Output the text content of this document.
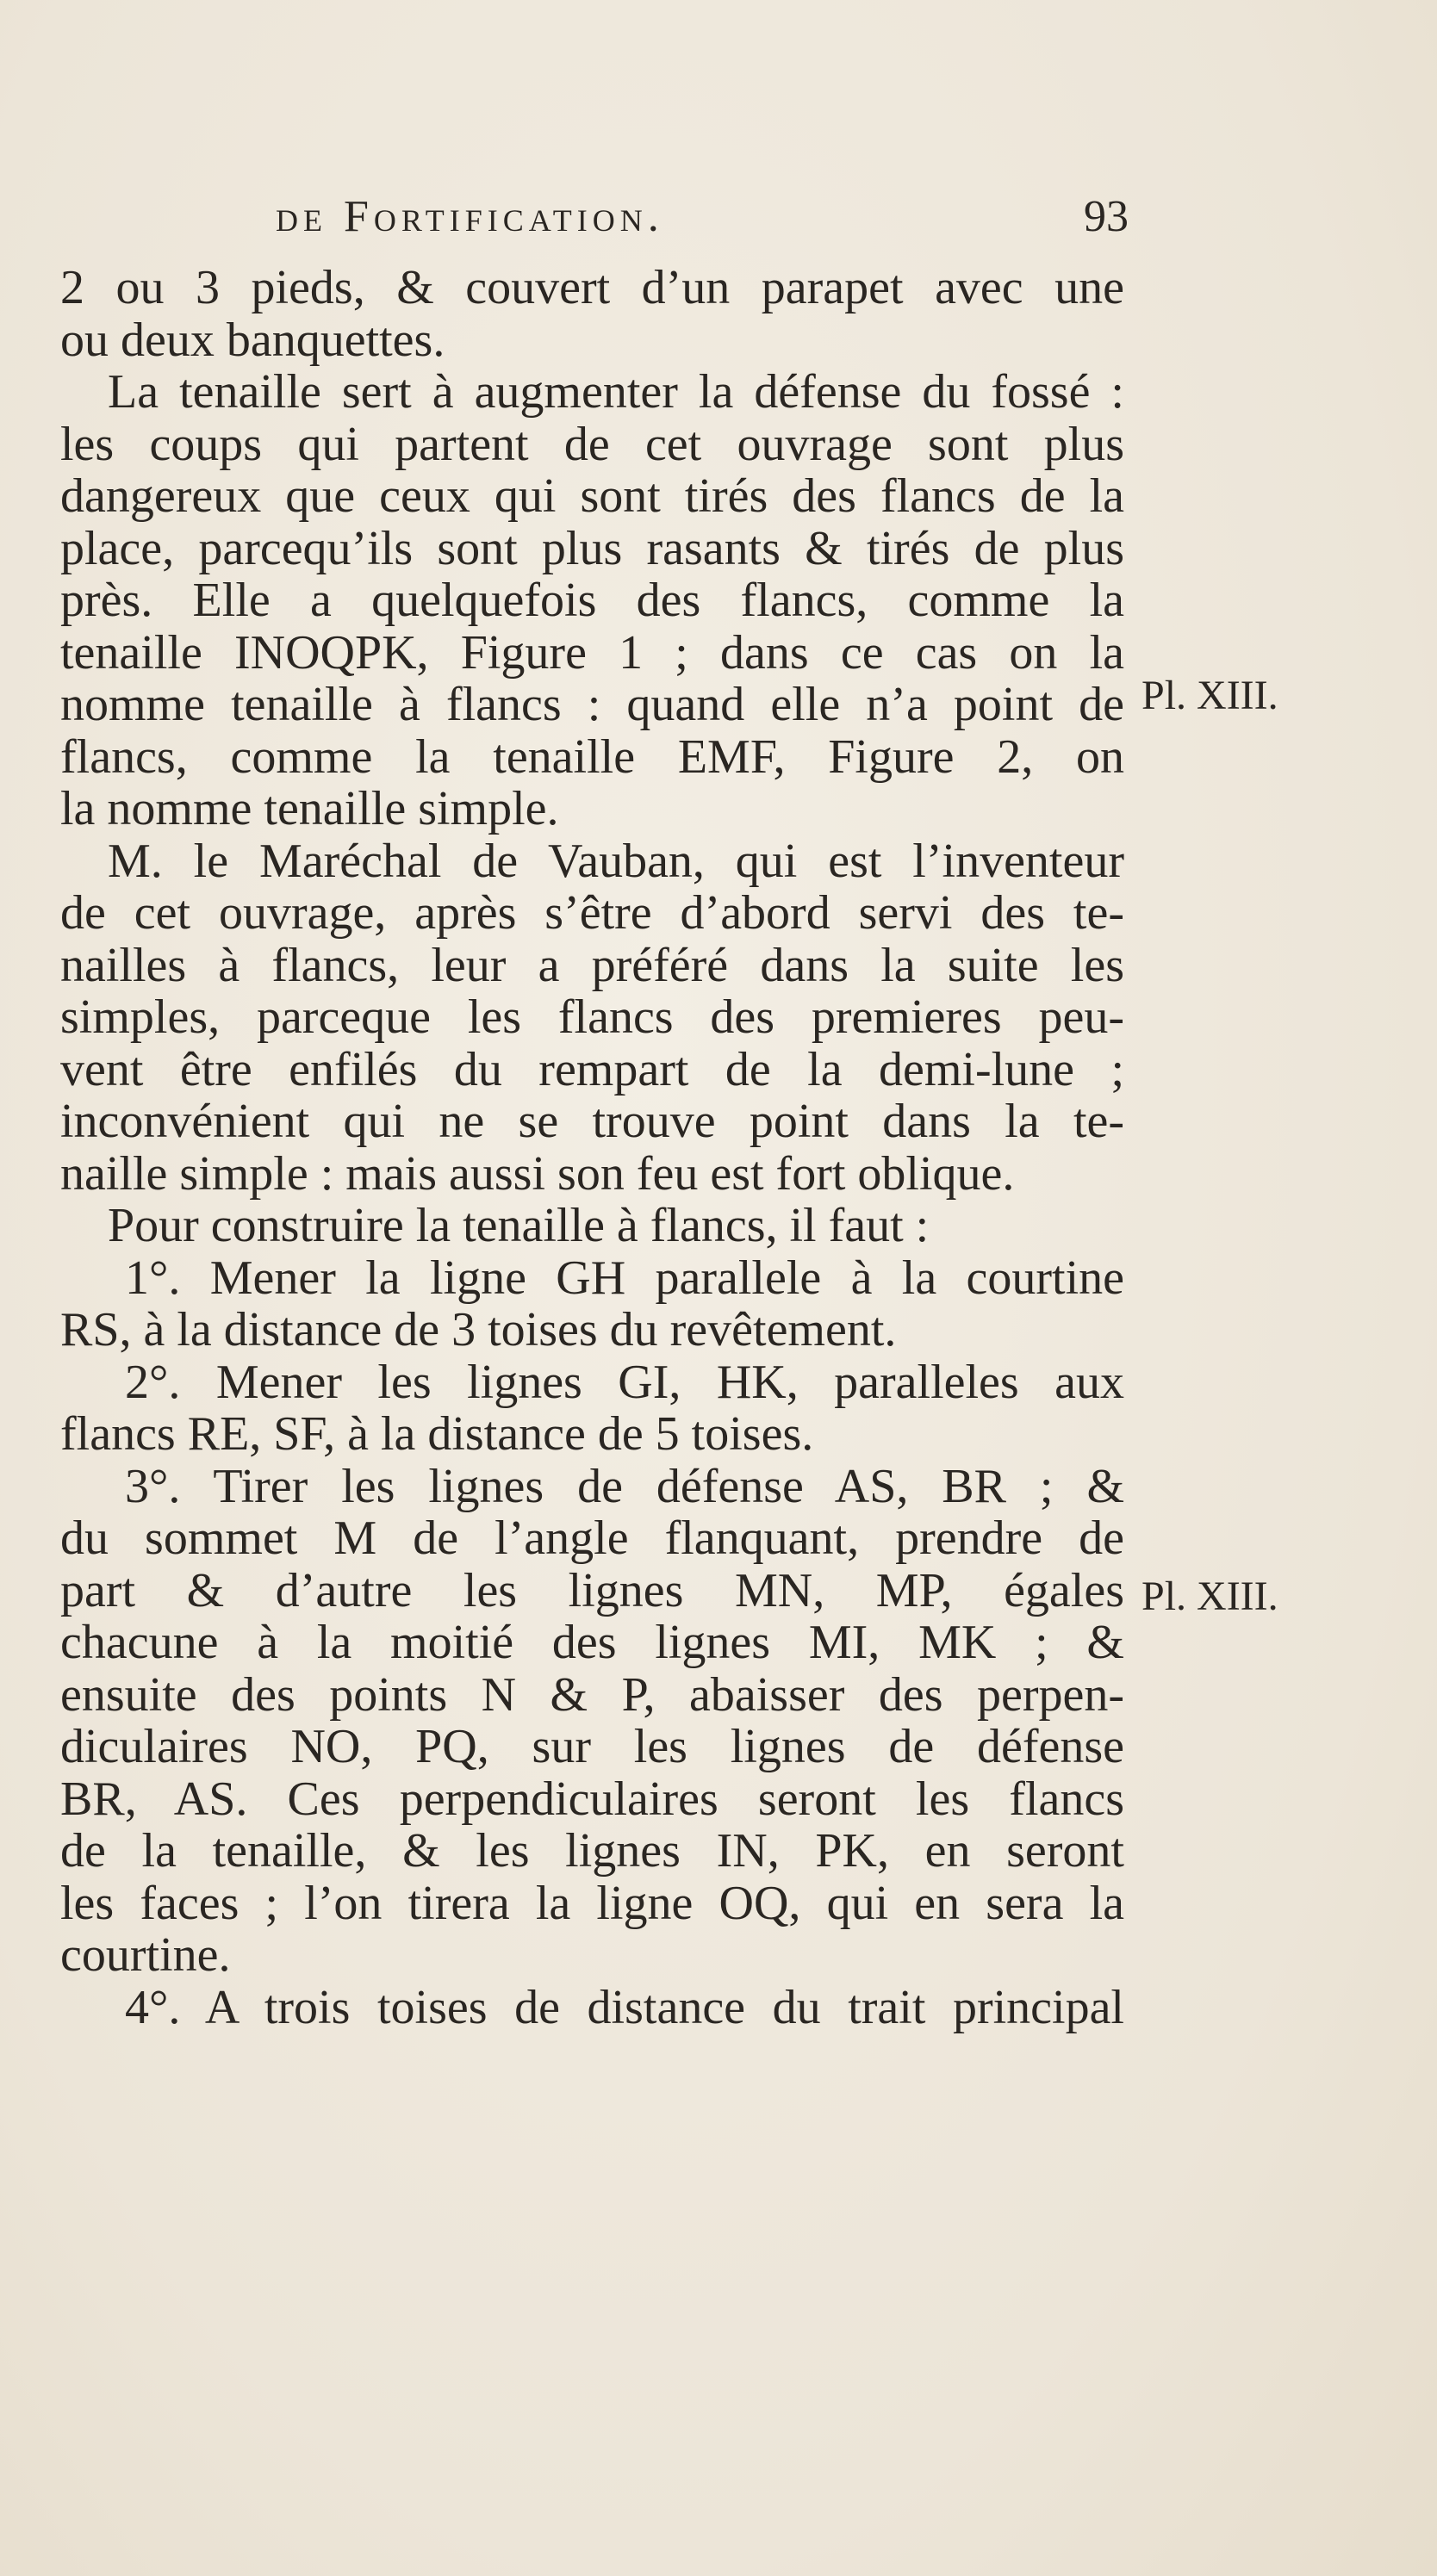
de Fortification.	93
Pl. XIII.
Pl. XIII.
2 ou 3 pieds, & couvert d’un parapet avec une
ou deux banquettes.
La tenaille sert à augmenter la défense du fossé :
les coups qui partent de cet ouvrage sont plus
dangereux que ceux qui sont tirés des flancs de la
place, parcequ’ils sont plus rasants & tirés de plus
près. Elle a quelquefois des flancs, comme la
tenaille INOQPK, Figure 1 ; dans ce cas on la
nomme tenaille à flancs : quand elle n’a point de
flancs, comme la tenaille EMF, Figure 2, on
la nomme tenaille simple.
M. le Maréchal de Vauban, qui est l’inventeur
de cet ouvrage, après s’être d’abord servi des te-
nailles à flancs, leur a préféré dans la suite les
simples, parceque les flancs des premieres peu-
vent être enfilés du rempart de la demi-lune ;
inconvénient qui ne se trouve point dans la te-
naille simple : mais aussi son feu est fort oblique.
Pour construire la tenaille à flancs, il faut :
1°. Mener la ligne GH parallele à la courtine
RS, à la distance de 3 toises du revêtement.
2°. Mener les lignes GI, HK, paralleles aux
flancs RE, SF, à la distance de 5 toises.
3°. Tirer les lignes de défense AS, BR ; &
du sommet M de l’angle flanquant, prendre de
part & d’autre les lignes MN, MP, égales
chacune à la moitié des lignes MI, MK ; &
ensuite des points N & P, abaisser des perpen-
diculaires NO, PQ, sur les lignes de défense
BR, AS. Ces perpendiculaires seront les flancs
de la tenaille, & les lignes IN, PK, en seront
les faces ; l’on tirera la ligne OQ, qui en sera la
courtine.
4°. A trois toises de distance du trait principal
